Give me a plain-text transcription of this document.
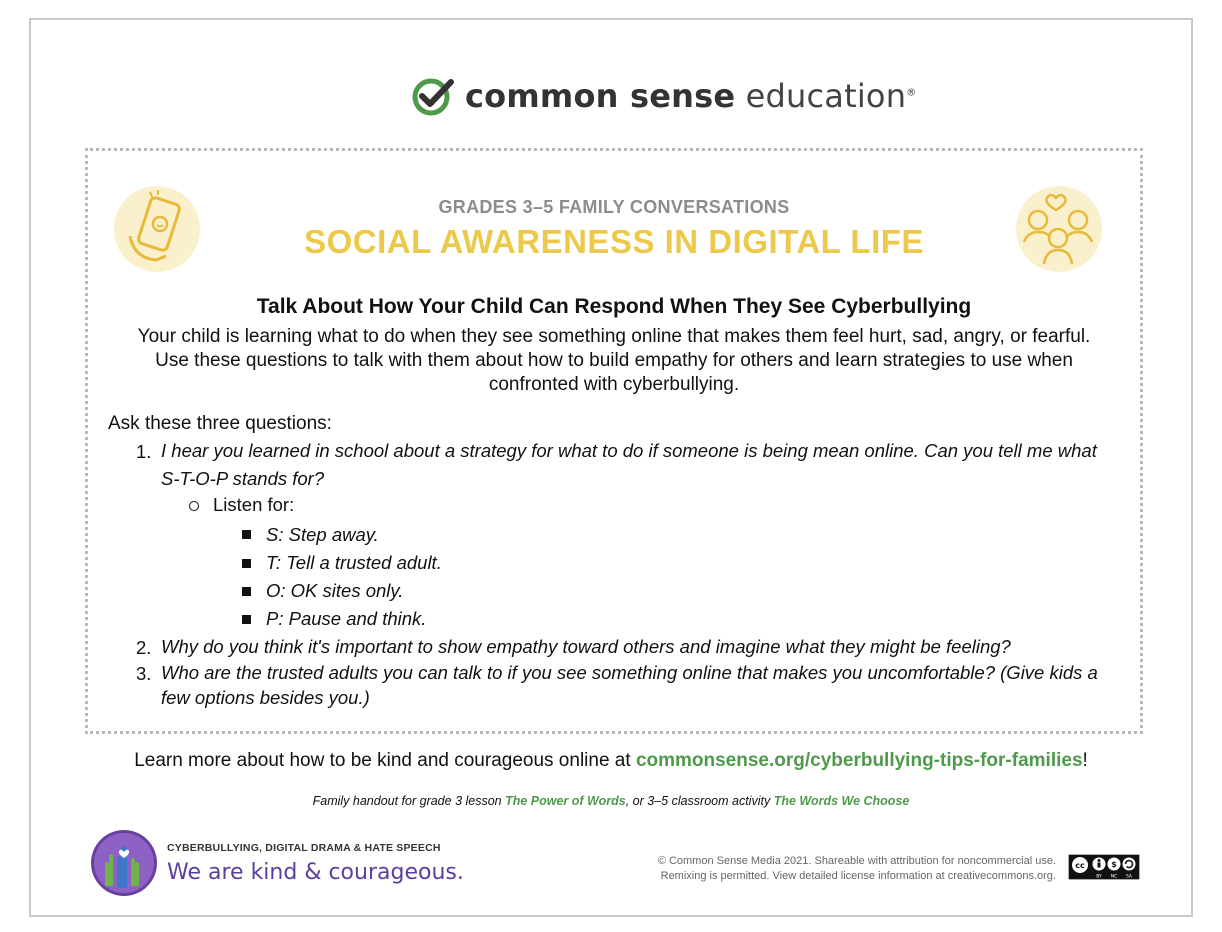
common sense education®
GRADES 3–5 FAMILY CONVERSATIONS
SOCIAL AWARENESS IN DIGITAL LIFE
Talk About How Your Child Can Respond When They See Cyberbullying
Your child is learning what to do when they see something online that makes them feel hurt, sad, angry, or fearful.
Use these questions to talk with them about how to build empathy for others and learn strategies to use when
confronted with cyberbullying.
Ask these three questions:
1. I hear you learned in school about a strategy for what to do if someone is being mean online. Can you tell me what
S-T-O-P stands for?
Listen for:
S: Step away.
T: Tell a trusted adult.
O: OK sites only.
P: Pause and think.
2. Why do you think it's important to show empathy toward others and imagine what they might be feeling?
3. Who are the trusted adults you can talk to if you see something online that makes you uncomfortable? (Give kids a
few options besides you.)
Learn more about how to be kind and courageous online at commonsense.org/cyberbullying-tips-for-families!
Family handout for grade 3 lesson The Power of Words, or 3–5 classroom activity The Words We Choose
CYBERBULLYING, DIGITAL DRAMA & HATE SPEECH
We are kind & courageous.	© Common Sense Media 2021. Shareable with attribution for noncommercial use.
Remixing is permitted. View detailed license information at creativecommons.org.
cc	$
BY NC SA
